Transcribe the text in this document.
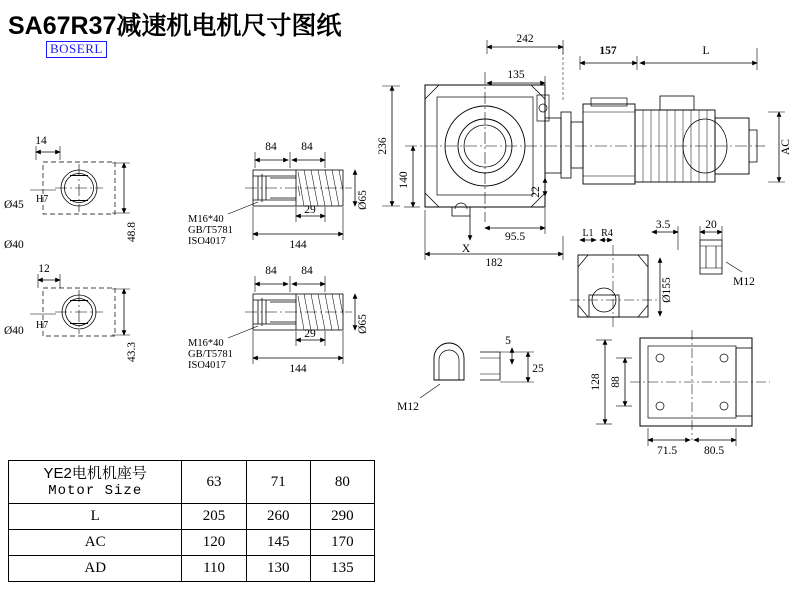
SA67R37减速机电机尺寸图纸
BOSERL
14
Ø45 H7
Ø40
48.8
12
Ø40 H7
43.3
84 84
29
144
Ø65
M16*40
GB/T5781
ISO4017
84 84
29
144
Ø65
M16*40
GB/T5781
ISO4017
242
135
157	L
AC
236
140
22
95.5
182
X
L1 R4
3.5	20
Ø155	M12
5
25
M12
128 88
71.5 80.5
YE2电机机座号
Motor Size	63	71	80
L	205	260	290
AC	120	145	170
AD	110	130	135
